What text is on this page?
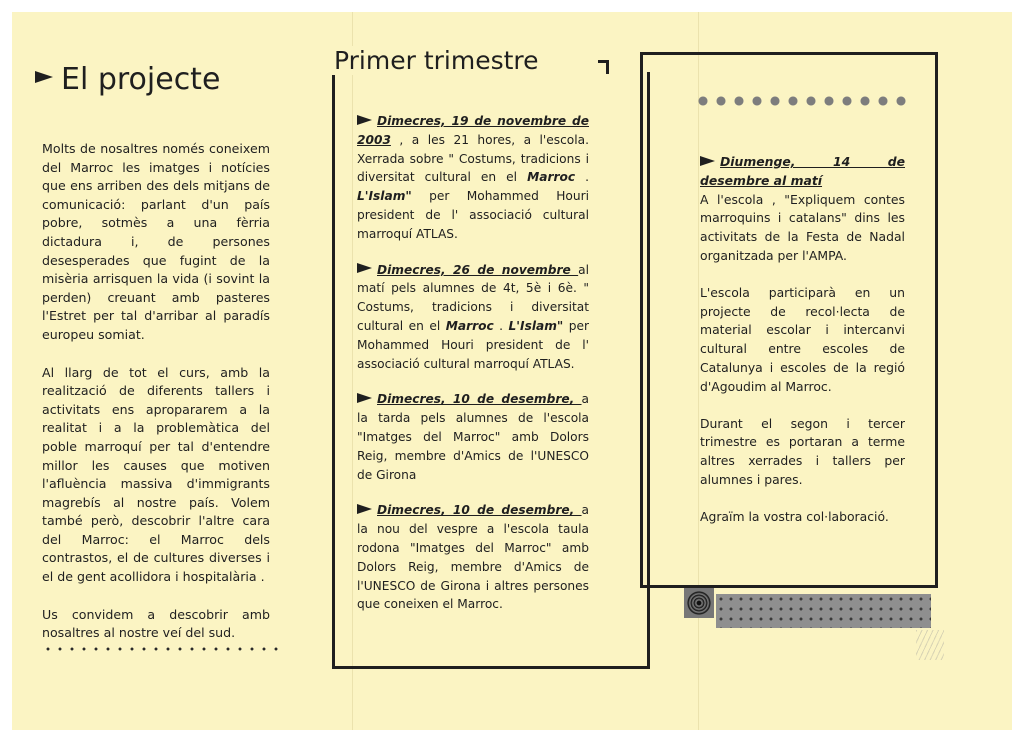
El projecte

Molts de nosaltres només coneixem del Marroc les imatges i notícies que ens arriben des dels mitjans de comunicació: parlant d'un país pobre, sotmès a una fèrria dictadura i, de persones desesperades que fugint de la misèria arrisquen la vida (i sovint la perden) creuant amb pasteres l'Estret per tal d'arribar al paradís europeu somiat.

Al llarg de tot el curs, amb la realització de diferents tallers i activitats ens apropararem a la realitat i a la problemàtica del poble marroquí per tal d'entendre millor les causes que motiven l'afluència massiva d'immigrants magrebís al nostre país. Volem també però, descobrir l'altre cara del Marroc: el Marroc dels contrastos, el de cultures diverses i el de gent acollidora i hospitalària .

Us convidem a descobrir amb nosaltres al nostre veí del sud.

Primer trimestre

Dimecres, 19 de novembre de 2003 , a les 21 hores, a l'escola. Xerrada sobre " Costums, tradicions i diversitat cultural en el Marroc . L'Islam" per Mohammed Houri president de l' associació cultural marroquí ATLAS.

Dimecres, 26 de novembre al matí pels alumnes de 4t, 5è i 6è. " Costums, tradicions i diversitat cultural en el Marroc . L'Islam" per Mohammed Houri president de l' associació cultural marroquí ATLAS.

Dimecres, 10 de desembre, a la tarda pels alumnes de l'escola "Imatges del Marroc" amb Dolors Reig, membre d'Amics de l'UNESCO de Girona

Dimecres, 10 de desembre, a la nou del vespre a l'escola taula rodona "Imatges del Marroc" amb Dolors Reig, membre d'Amics de l'UNESCO de Girona i altres persones que coneixen el Marroc.

Diumenge, 14 de desembre al matí

A l'escola , "Expliquem contes marroquins i catalans" dins les activitats de la Festa de Nadal organitzada per l'AMPA.

L'escola participarà en un projecte de recol·lecta de material escolar i intercanvi cultural entre escoles de Catalunya i escoles de la regió d'Agoudim al Marroc.

Durant el segon i tercer trimestre es portaran a terme altres xerrades i tallers per alumnes i pares.

Agraïm la vostra col·laboració.
